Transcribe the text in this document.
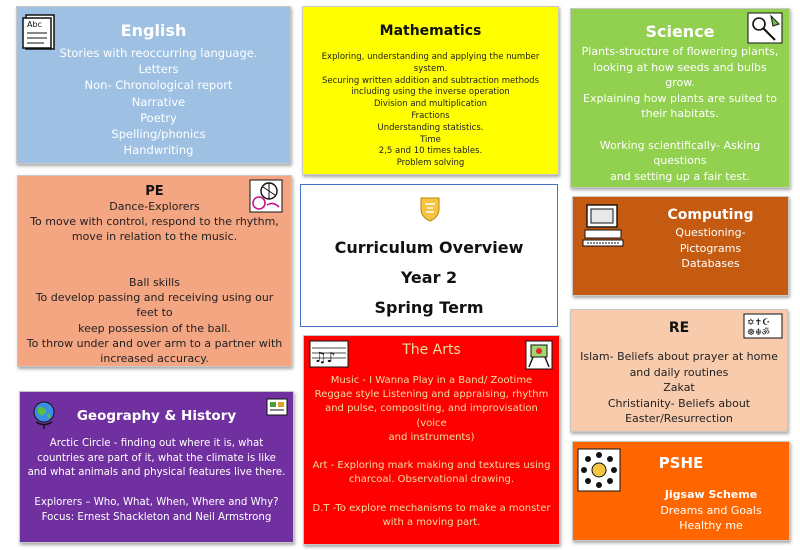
Abc	English
Stories with reoccurring language.
Letters
Non- Chronological report
Narrative
Poetry
Spelling/phonics
Handwriting
Mathematics
Exploring, understanding and applying the number system.
Securing written addition and subtraction methods
including using the inverse operation
Division and multiplication
Fractions
Understanding statistics.
Time
2,5 and 10 times tables.
Problem solving
Science
Plants-structure of flowering plants,
looking at how seeds and bulbs grow.
Explaining how plants are suited to
their habitats.

Working scientifically- Asking questions
and setting up a fair test.
PE
Dance-Explorers
To move with control, respond to the rhythm,
move in relation to the music.

Ball skills
To develop passing and receiving using our feet to
keep possession of the ball.
To throw under and over arm to a partner with
increased accuracy.
Curriculum Overview
Year 2
Spring Term
Computing
Questioning-
Pictograms
Databases
✡✝☪
☸☬ॐ
RE
Islam- Beliefs about prayer at home
and daily routines
Zakat
Christianity- Beliefs about
Easter/Resurrection
♫♪	The Arts
Music - I Wanna Play in a Band/ Zootime
Reggae style Listening and appraising, rhythm
and pulse, compositing, and improvisation (voice
and instruments)

Art - Exploring mark making and textures using
charcoal. Observational drawing.

D.T -To explore mechanisms to make a monster
with a moving part.
Geography & History
Arctic Circle - finding out where it is, what
countries are part of it, what the climate is like
and what animals and physical features live there.

Explorers – Who, What, When, Where and Why?
Focus: Ernest Shackleton and Neil Armstrong
PSHE
Jigsaw Scheme
Dreams and Goals
Healthy me
